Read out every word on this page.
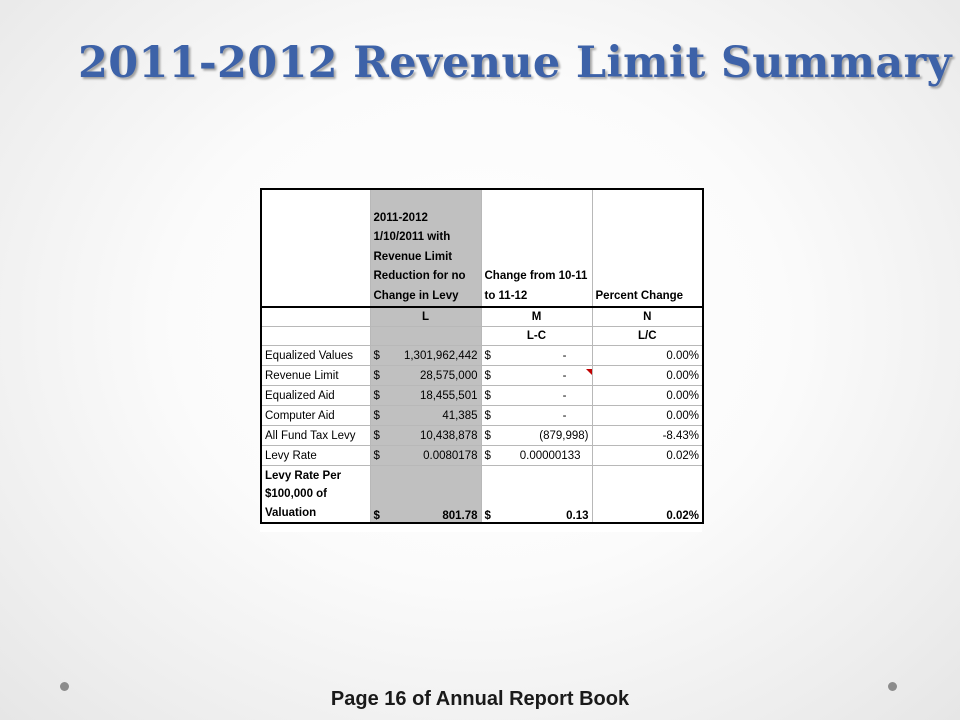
2011-2012 Revenue Limit Summary
	2011-2012 1/10/2011 with Revenue Limit Reduction for no Change in Levy	Change from 10-11 to 11-12	Percent Change
	L	M	N
		L-C	L/C
Equalized Values	$ 1,301,962,442	$ -	0.00%
Revenue Limit	$ 28,575,000	$ -	0.00%
Equalized Aid	$ 18,455,501	$ -	0.00%
Computer Aid	$ 41,385	$ -	0.00%
All Fund Tax Levy	$ 10,438,878	$ (879,998)	-8.43%
Levy Rate	$ 0.0080178	$ 0.00000133	0.02%
Levy Rate Per $100,000 of Valuation	$ 801.78	$ 0.13	0.02%

Page 16 of Annual Report Book
